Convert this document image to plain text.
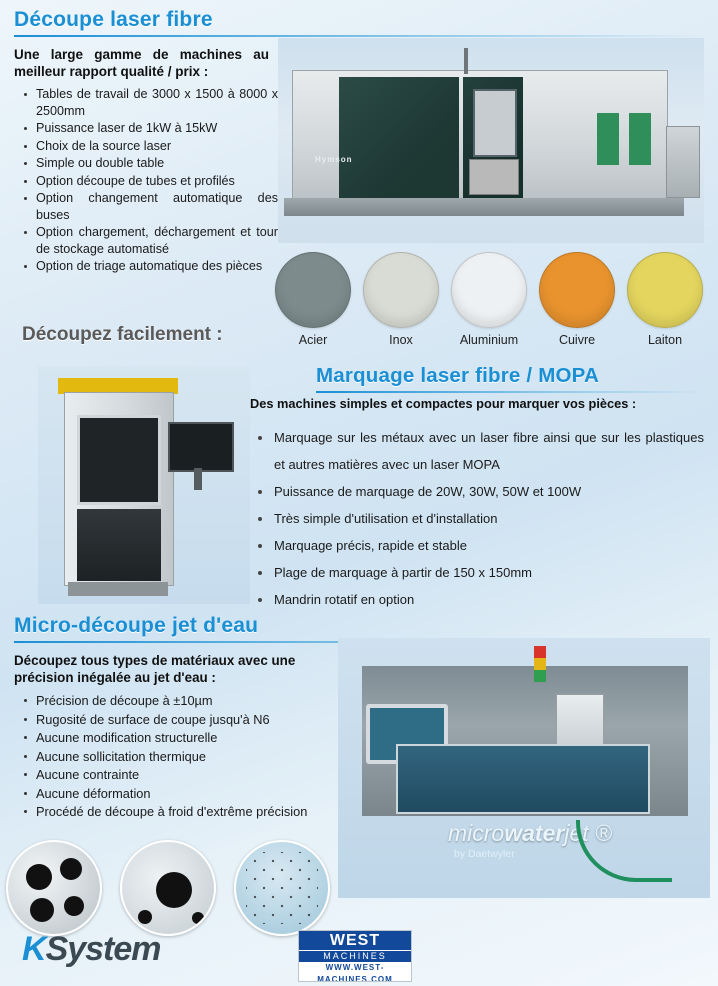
Découpe laser fibre
Une large gamme de machines au meilleur rapport qualité / prix :
Tables de travail de 3000 x 1500 à 8000 x 2500mm
Puissance laser de 1kW à 15kW
Choix de la source laser
Simple ou double table
Option découpe de tubes et profilés
Option changement automatique des buses
Option chargement, déchargement et tour de stockage automatisé
Option de triage automatique des pièces
Hymson
Acier	Inox	Aluminium	Cuivre	Laiton
Découpez facilement :
Marquage laser fibre / MOPA
Des machines simples et compactes pour marquer vos pièces :
Marquage sur les métaux avec un laser fibre ainsi que sur les plastiques et autres matières avec un laser MOPA
Puissance de marquage de 20W, 30W, 50W et 100W
Très simple d'utilisation et d'installation
Marquage précis, rapide et stable
Plage de marquage à partir de 150 x 150mm
Mandrin rotatif en option
Micro-découpe jet d'eau
Découpez tous types de matériaux avec une précision inégalée au jet d'eau :
Précision de découpe à ±10µm
Rugosité de surface de coupe jusqu'à N6
Aucune modification structurelle
Aucune sollicitation thermique
Aucune contrainte
Aucune déformation
Procédé de découpe à froid d'extrême précision
microwaterjet ®
by Daetwyler
KSystem	WEST
MACHINES
WWW.WEST-MACHINES.COM
